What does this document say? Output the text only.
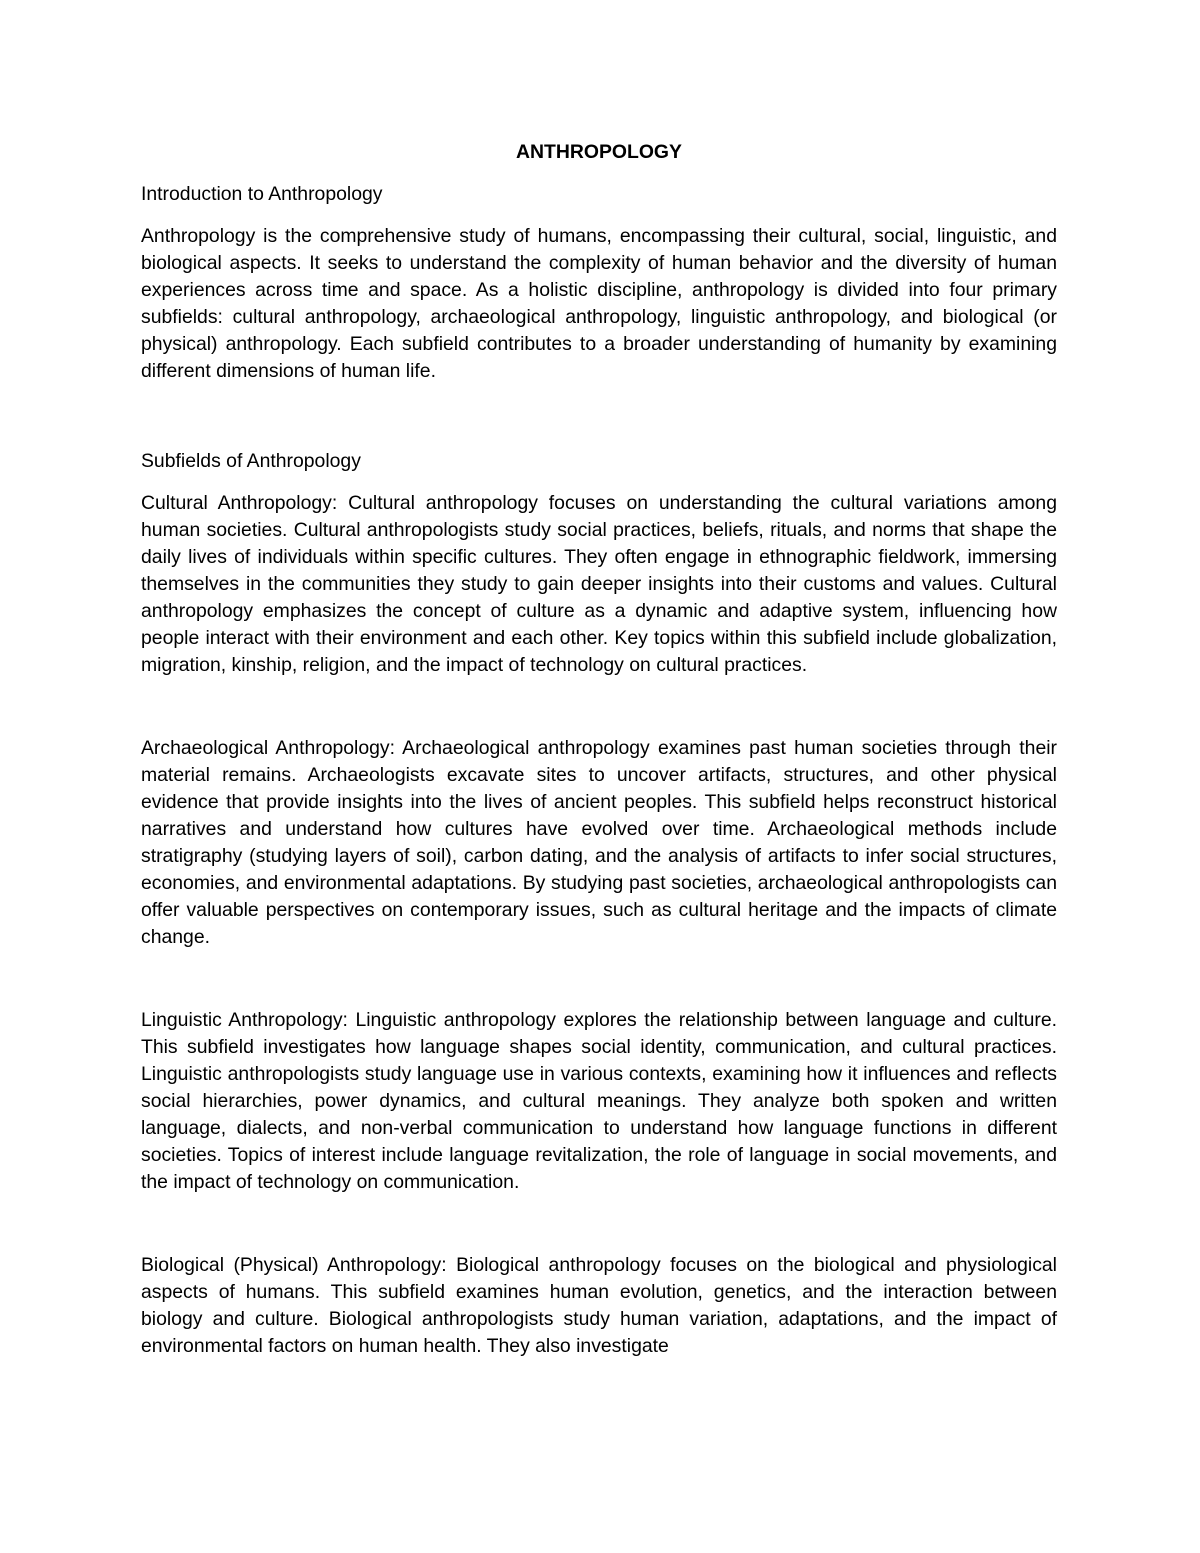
ANTHROPOLOGY
Introduction to Anthropology

Anthropology is the comprehensive study of humans, encompassing their cultural, social, linguistic, and biological aspects. It seeks to understand the complexity of human behavior and the diversity of human experiences across time and space. As a holistic discipline, anthropology is divided into four primary subfields: cultural anthropology, archaeological anthropology, linguistic anthropology, and biological (or physical) anthropology. Each subfield contributes to a broader understanding of humanity by examining different dimensions of human life.

Subfields of Anthropology

Cultural Anthropology: Cultural anthropology focuses on understanding the cultural variations among human societies. Cultural anthropologists study social practices, beliefs, rituals, and norms that shape the daily lives of individuals within specific cultures. They often engage in ethnographic fieldwork, immersing themselves in the communities they study to gain deeper insights into their customs and values. Cultural anthropology emphasizes the concept of culture as a dynamic and adaptive system, influencing how people interact with their environment and each other. Key topics within this subfield include globalization, migration, kinship, religion, and the impact of technology on cultural practices.

Archaeological Anthropology: Archaeological anthropology examines past human societies through their material remains. Archaeologists excavate sites to uncover artifacts, structures, and other physical evidence that provide insights into the lives of ancient peoples. This subfield helps reconstruct historical narratives and understand how cultures have evolved over time. Archaeological methods include stratigraphy (studying layers of soil), carbon dating, and the analysis of artifacts to infer social structures, economies, and environmental adaptations. By studying past societies, archaeological anthropologists can offer valuable perspectives on contemporary issues, such as cultural heritage and the impacts of climate change.

Linguistic Anthropology: Linguistic anthropology explores the relationship between language and culture. This subfield investigates how language shapes social identity, communication, and cultural practices. Linguistic anthropologists study language use in various contexts, examining how it influences and reflects social hierarchies, power dynamics, and cultural meanings. They analyze both spoken and written language, dialects, and non-verbal communication to understand how language functions in different societies. Topics of interest include language revitalization, the role of language in social movements, and the impact of technology on communication.

Biological (Physical) Anthropology: Biological anthropology focuses on the biological and physiological aspects of humans. This subfield examines human evolution, genetics, and the interaction between biology and culture. Biological anthropologists study human variation, adaptations, and the impact of environmental factors on human health. They also investigate
